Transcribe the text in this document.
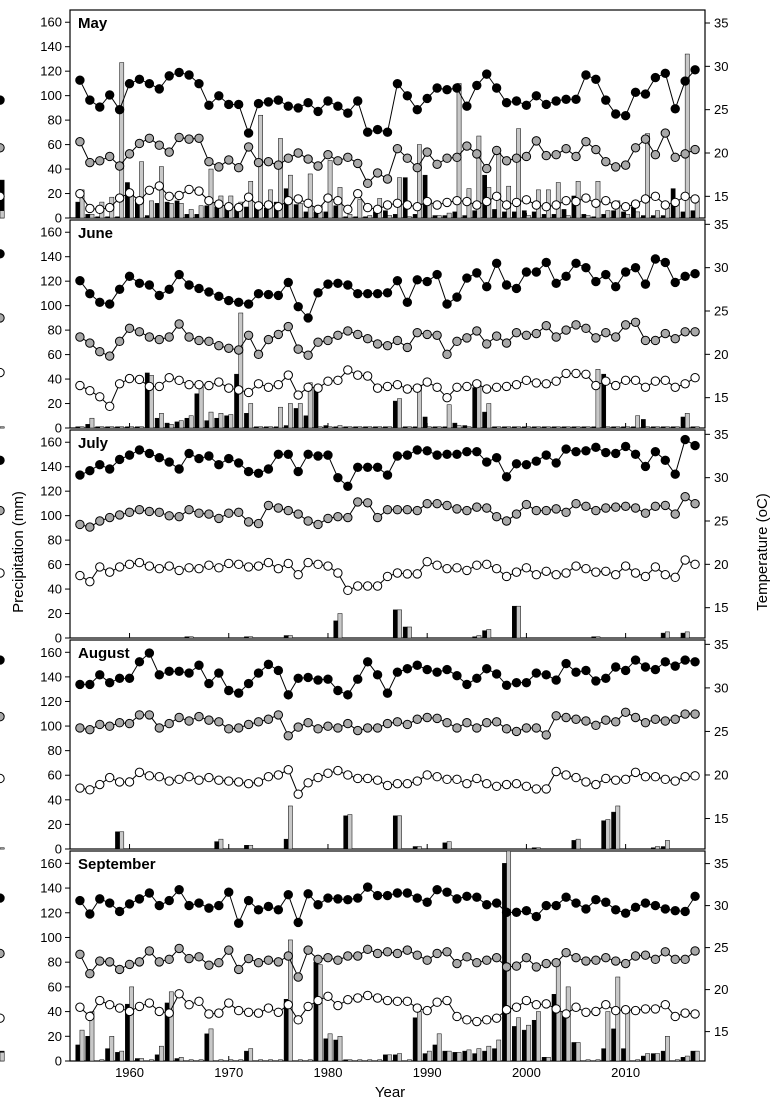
0
20
40
60
80
100
120
140
160
15
20
25
30
35
May
0
20
40
60
80
100
120
140
160
15
20
25
30
35
June
0
20
40
60
80
100
120
140
160
15
20
25
30
35
July
0
20
40
60
80
100
120
140
160
15
20
25
30
35
August
0
20
40
60
80
100
120
140
160
15
20
25
30
35
1960	1970	1980	1990	2000	2010
September
Precipitation (mm)	Temperature (oC)
Year
